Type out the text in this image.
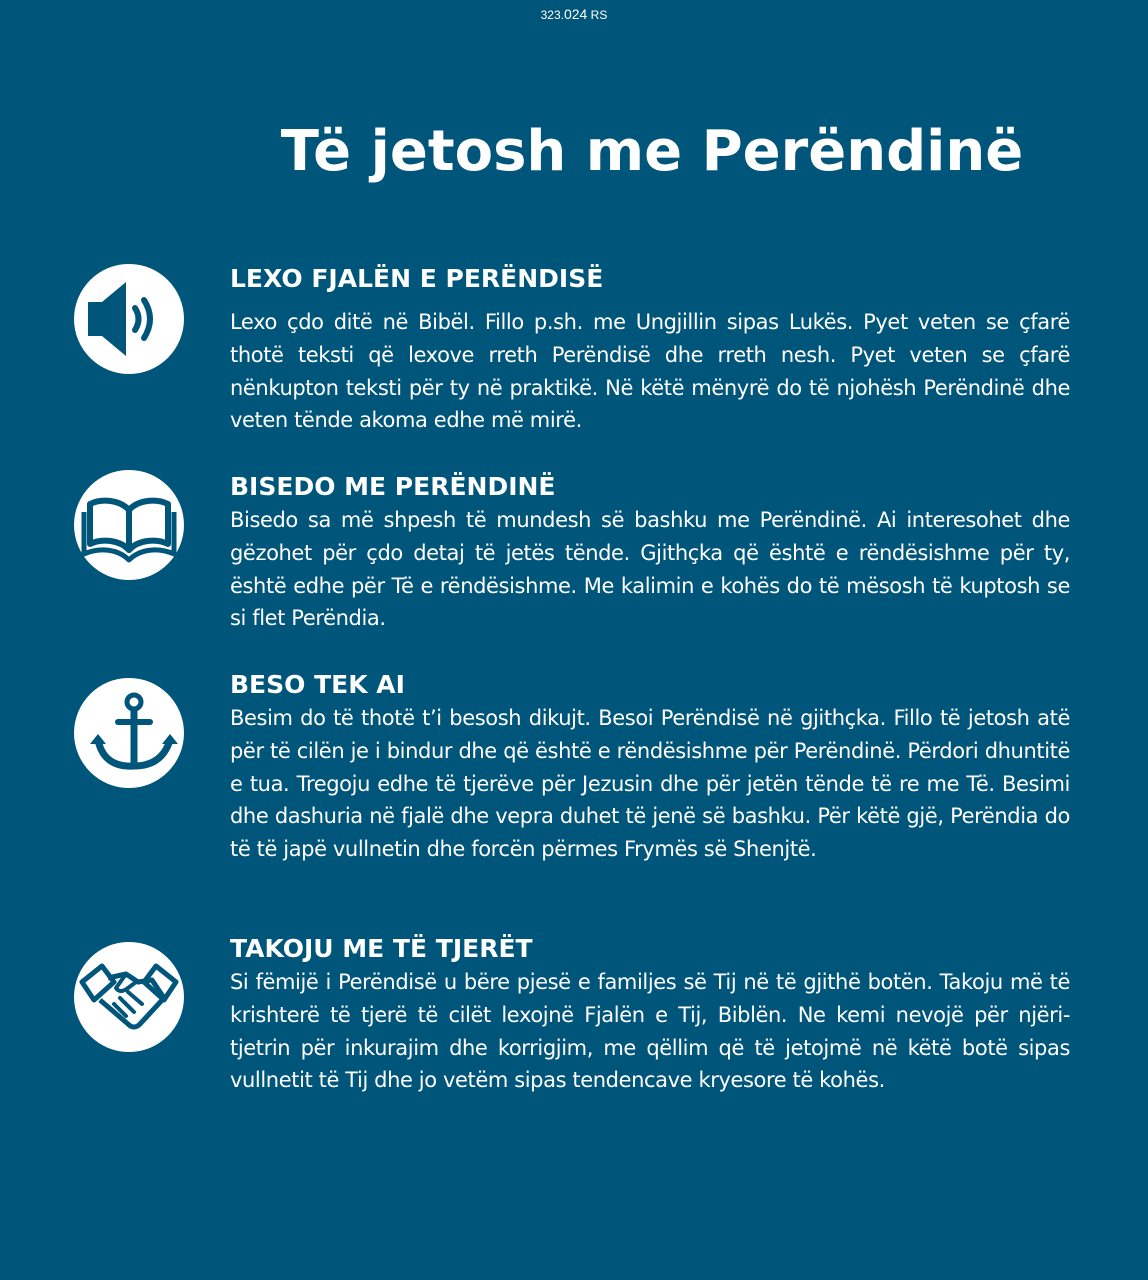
323.024 RS
Të jetosh me Perëndinë
LEXO FJALËN E PERËNDISË

Lexo çdo ditë në Bibël. Fillo p.sh. me Ungjillin sipas Lukës. Pyet veten se çfarë thotë teksti që lexove rreth Perëndisë dhe rreth nesh. Pyet veten se çfarë nënkupton teksti për ty në praktikë. Në këtë mënyrë do të njohësh Perëndinë dhe veten tënde akoma edhe më mirë.

BISEDO ME PERËNDINË

Bisedo sa më shpesh të mundesh së bashku me Perëndinë. Ai interesohet dhe gëzohet për çdo detaj të jetës tënde. Gjithçka që është e rëndësishme për ty, është edhe për Të e rëndësishme. Me kalimin e kohës do të mësosh të kuptosh se si flet Perëndia.

BESO TEK AI

Besim do të thotë t’i besosh dikujt. Besoi Perëndisë në gjithçka. Fillo të jetosh atë për të cilën je i bindur dhe që është e rëndësishme për Perëndinë. Përdori dhuntitë e tua. Tregoju edhe të tjerëve për Jezusin dhe për jetën tënde të re me Të. Besimi dhe dashuria në fjalë dhe vepra duhet të jenë së bashku. Për këtë gjë, Perëndia do të të japë vullnetin dhe forcën përmes Frymës së Shenjtë.

TAKOJU ME TË TJERËT

Si fëmijë i Perëndisë u bëre pjesë e familjes së Tij në të gjithë botën. Takoju më të krishterë të tjerë të cilët lexojnë Fjalën e Tij, Biblën. Ne kemi nevojë për njëri-tjetrin për inkurajim dhe korrigjim, me qëllim që të jetojmë në këtë botë sipas vullnetit të Tij dhe jo vetëm sipas tendencave kryesore të kohës.
